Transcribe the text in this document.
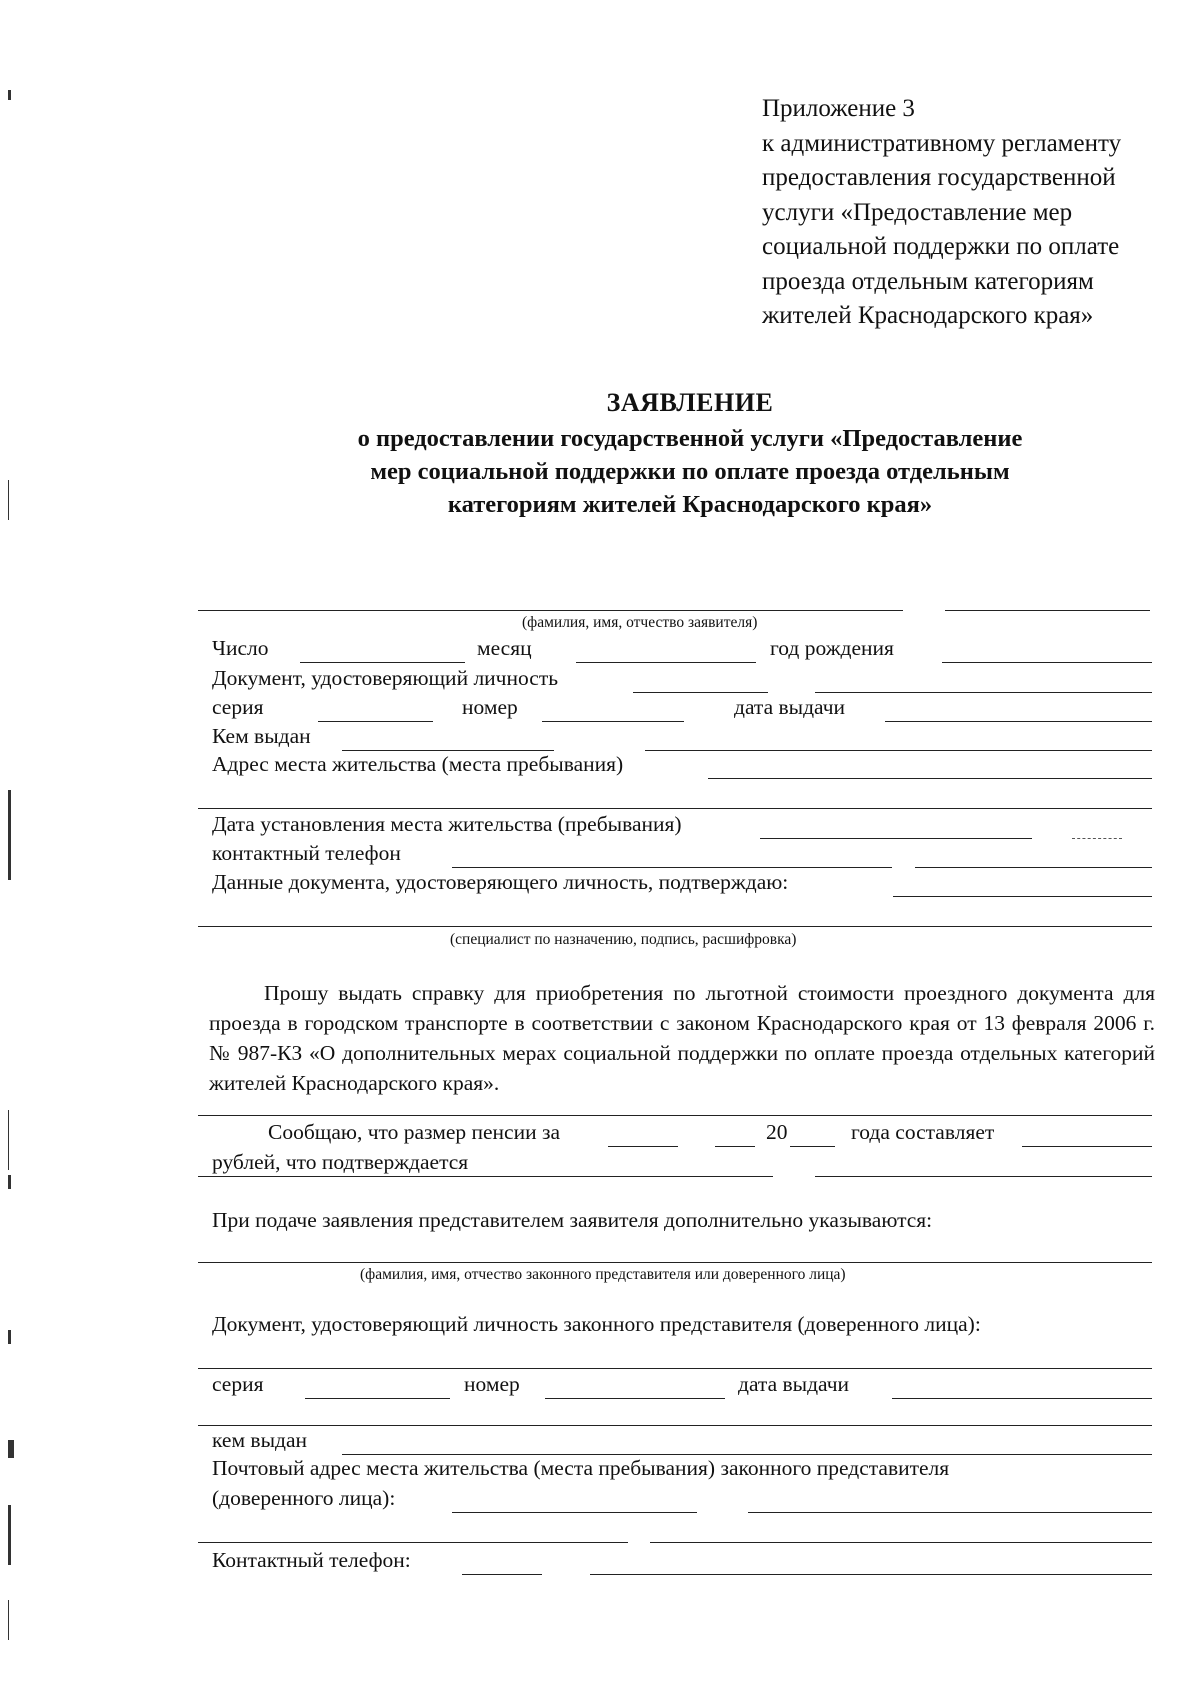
Приложение 3
к административному регламенту
предоставления государственной
услуги «Предоставление мер
социальной поддержки по оплате
проезда отдельным категориям
жителей Краснодарского края»
ЗАЯВЛЕНИЕ
о предоставлении государственной услуги «Предоставление
мер социальной поддержки по оплате проезда отдельным
категориям жителей Краснодарского края»
(фамилия, имя, отчество заявителя)
Число	месяц	год рождения
Документ, удостоверяющий личность
серия	номер	дата выдачи
Кем выдан
Адрес места жительства (места пребывания)
Дата установления места жительства (пребывания)
контактный телефон
Данные документа, удостоверяющего личность, подтверждаю:
(специалист по назначению, подпись, расшифровка)
Прошу выдать справку для приобретения по льготной стоимости проездного документа для проезда в городском транспорте в соответствии с законом Краснодарского края от 13 февраля 2006 г. № 987-КЗ «О дополнительных мерах социальной поддержки по оплате проезда отдельных категорий жителей Краснодарского края».
Сообщаю, что размер пенсии за	20	года составляет
рублей, что подтверждается
При подаче заявления представителем заявителя дополнительно указываются:
(фамилия, имя, отчество законного представителя или доверенного лица)
Документ, удостоверяющий личность законного представителя (доверенного лица):
серия	номер	дата выдачи
кем выдан
Почтовый адрес места жительства (места пребывания) законного представителя
(доверенного лица):
Контактный телефон:
